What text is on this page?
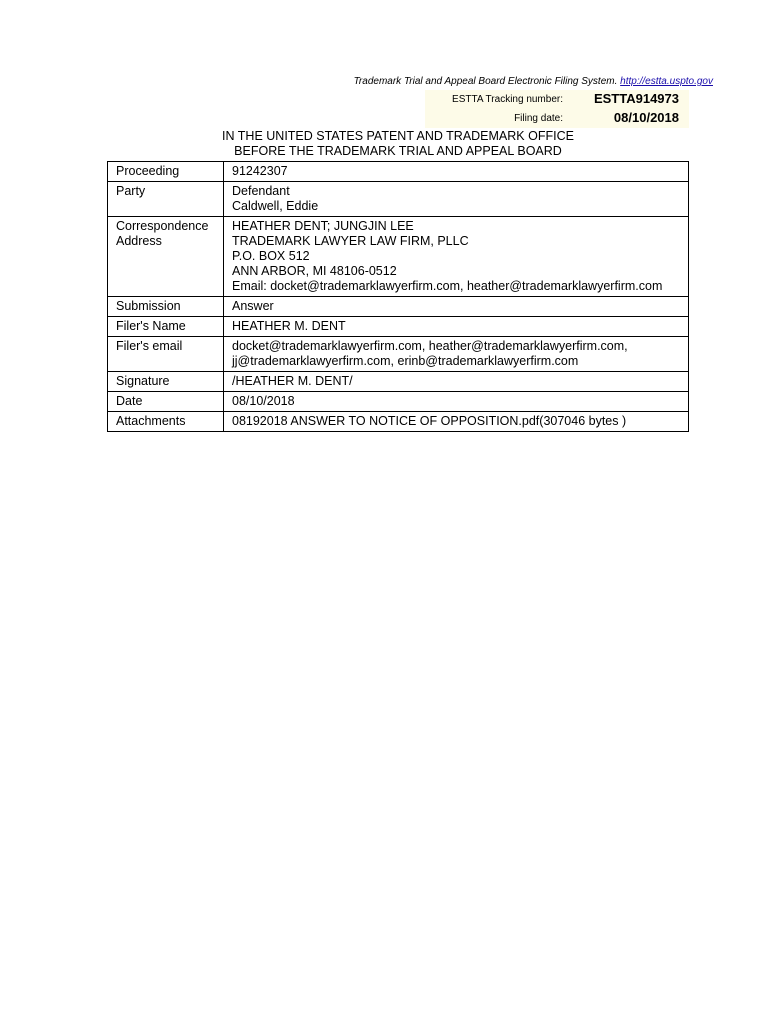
Trademark Trial and Appeal Board Electronic Filing System. http://estta.uspto.gov
ESTTA Tracking number: ESTTA914973
Filing date:	08/10/2018
IN THE UNITED STATES PATENT AND TRADEMARK OFFICE
BEFORE THE TRADEMARK TRIAL AND APPEAL BOARD
Proceeding	91242307
Party	Defendant
Caldwell, Eddie

Correspondence
Address	HEATHER DENT; JUNGJIN LEE
TRADEMARK LAWYER LAW FIRM, PLLC
P.O. BOX 512
ANN ARBOR, MI 48106-0512
Email: docket@trademarklawyerfirm.com, heather@trademarklawyerfirm.com

Submission	Answer
Filer's Name	HEATHER M. DENT
Filer's email	docket@trademarklawyerfirm.com, heather@trademarklawyerfirm.com,
jj@trademarklawyerfirm.com, erinb@trademarklawyerfirm.com

Signature	/HEATHER M. DENT/
Date	08/10/2018
Attachments	08192018 ANSWER TO NOTICE OF OPPOSITION.pdf(307046 bytes )
